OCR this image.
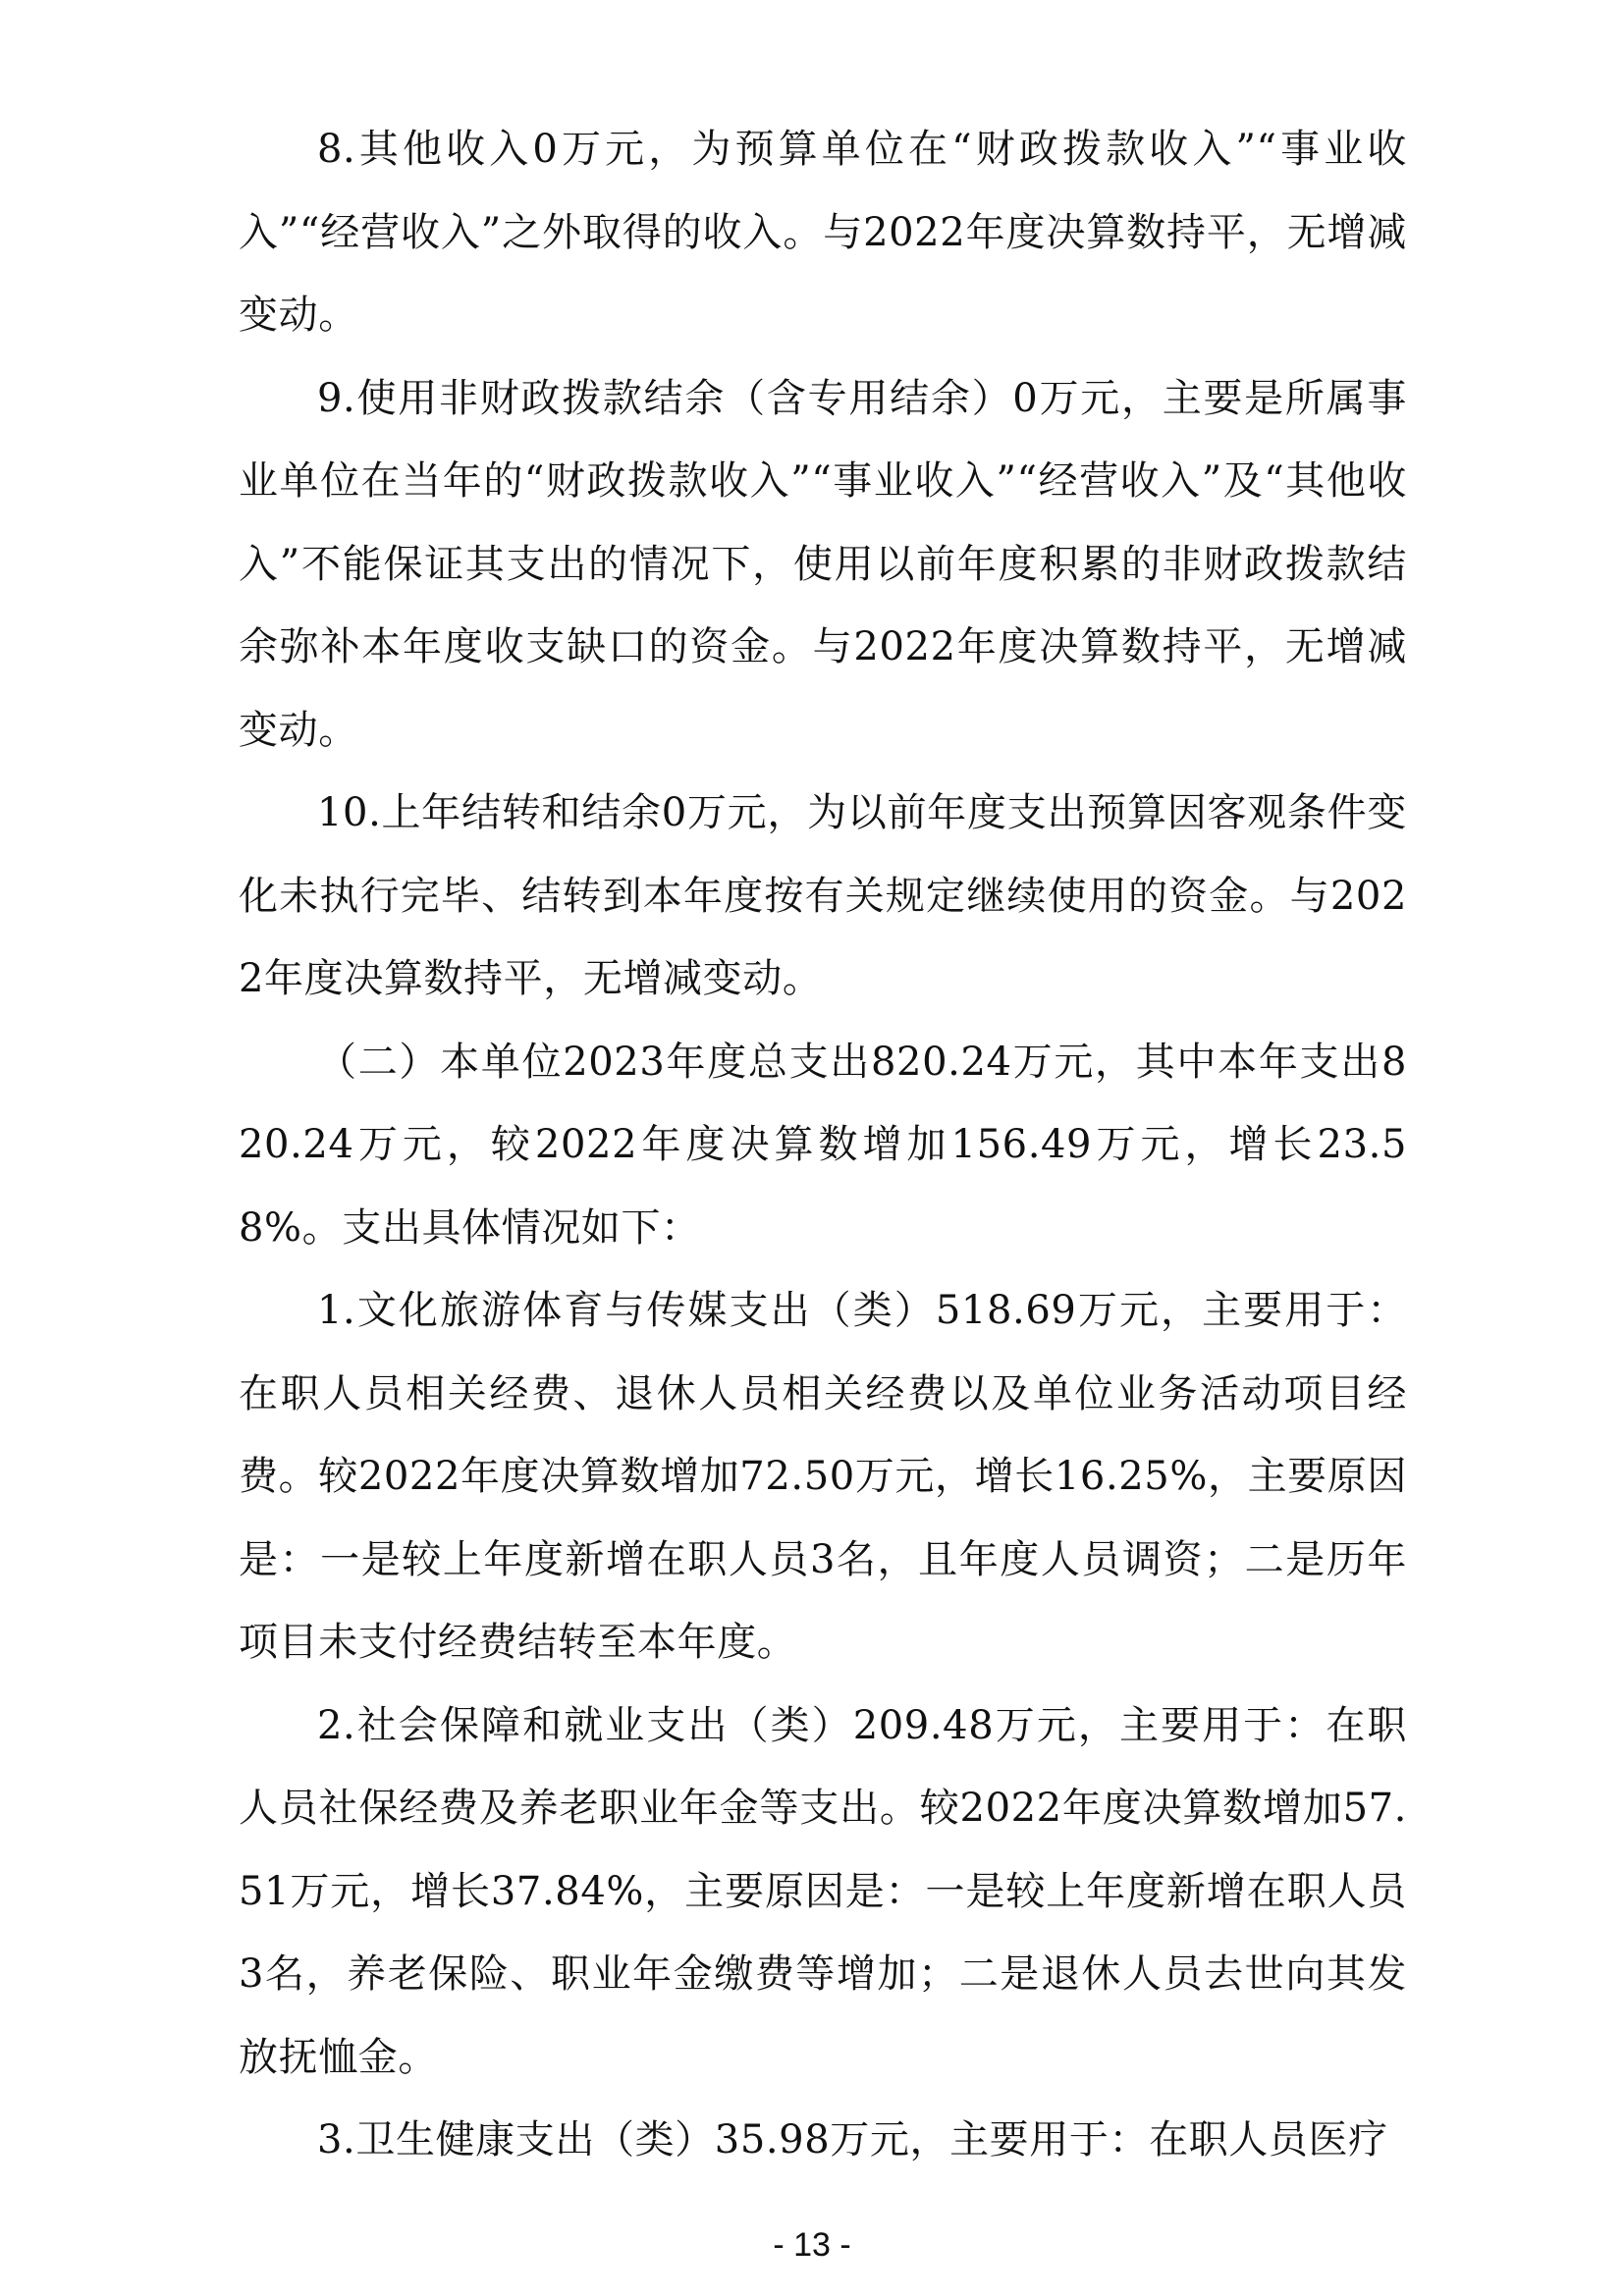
8.其他收入0万元，为预算单位在“财政拨款收入”“事业收入”“经营收入”之外取得的收入。与2022年度决算数持平，无增减变动。

9.使用非财政拨款结余（含专用结余）0万元，主要是所属事业单位在当年的“财政拨款收入”“事业收入”“经营收入”及“其他收入”不能保证其支出的情况下，使用以前年度积累的非财政拨款结余弥补本年度收支缺口的资金。与2022年度决算数持平，无增减变动。

10.上年结转和结余0万元，为以前年度支出预算因客观条件变化未执行完毕、结转到本年度按有关规定继续使用的资金。与2022年度决算数持平，无增减变动。

（二）本单位2023年度总支出820.24万元，其中本年支出820.24万元，较2022年度决算数增加156.49万元，增长23.58%。支出具体情况如下：

1.文化旅游体育与传媒支出（类）518.69万元，主要用于：在职人员相关经费、退休人员相关经费以及单位业务活动项目经费。较2022年度决算数增加72.50万元，增长16.25%，主要原因是：一是较上年度新增在职人员3名，且年度人员调资；二是历年项目未支付经费结转至本年度。

2.社会保障和就业支出（类）209.48万元，主要用于：在职人员社保经费及养老职业年金等支出。较2022年度决算数增加57.51万元，增长37.84%，主要原因是：一是较上年度新增在职人员3名，养老保险、职业年金缴费等增加；二是退休人员去世向其发放抚恤金。

3.卫生健康支出（类）35.98万元，主要用于：在职人员医疗

- 13 -
